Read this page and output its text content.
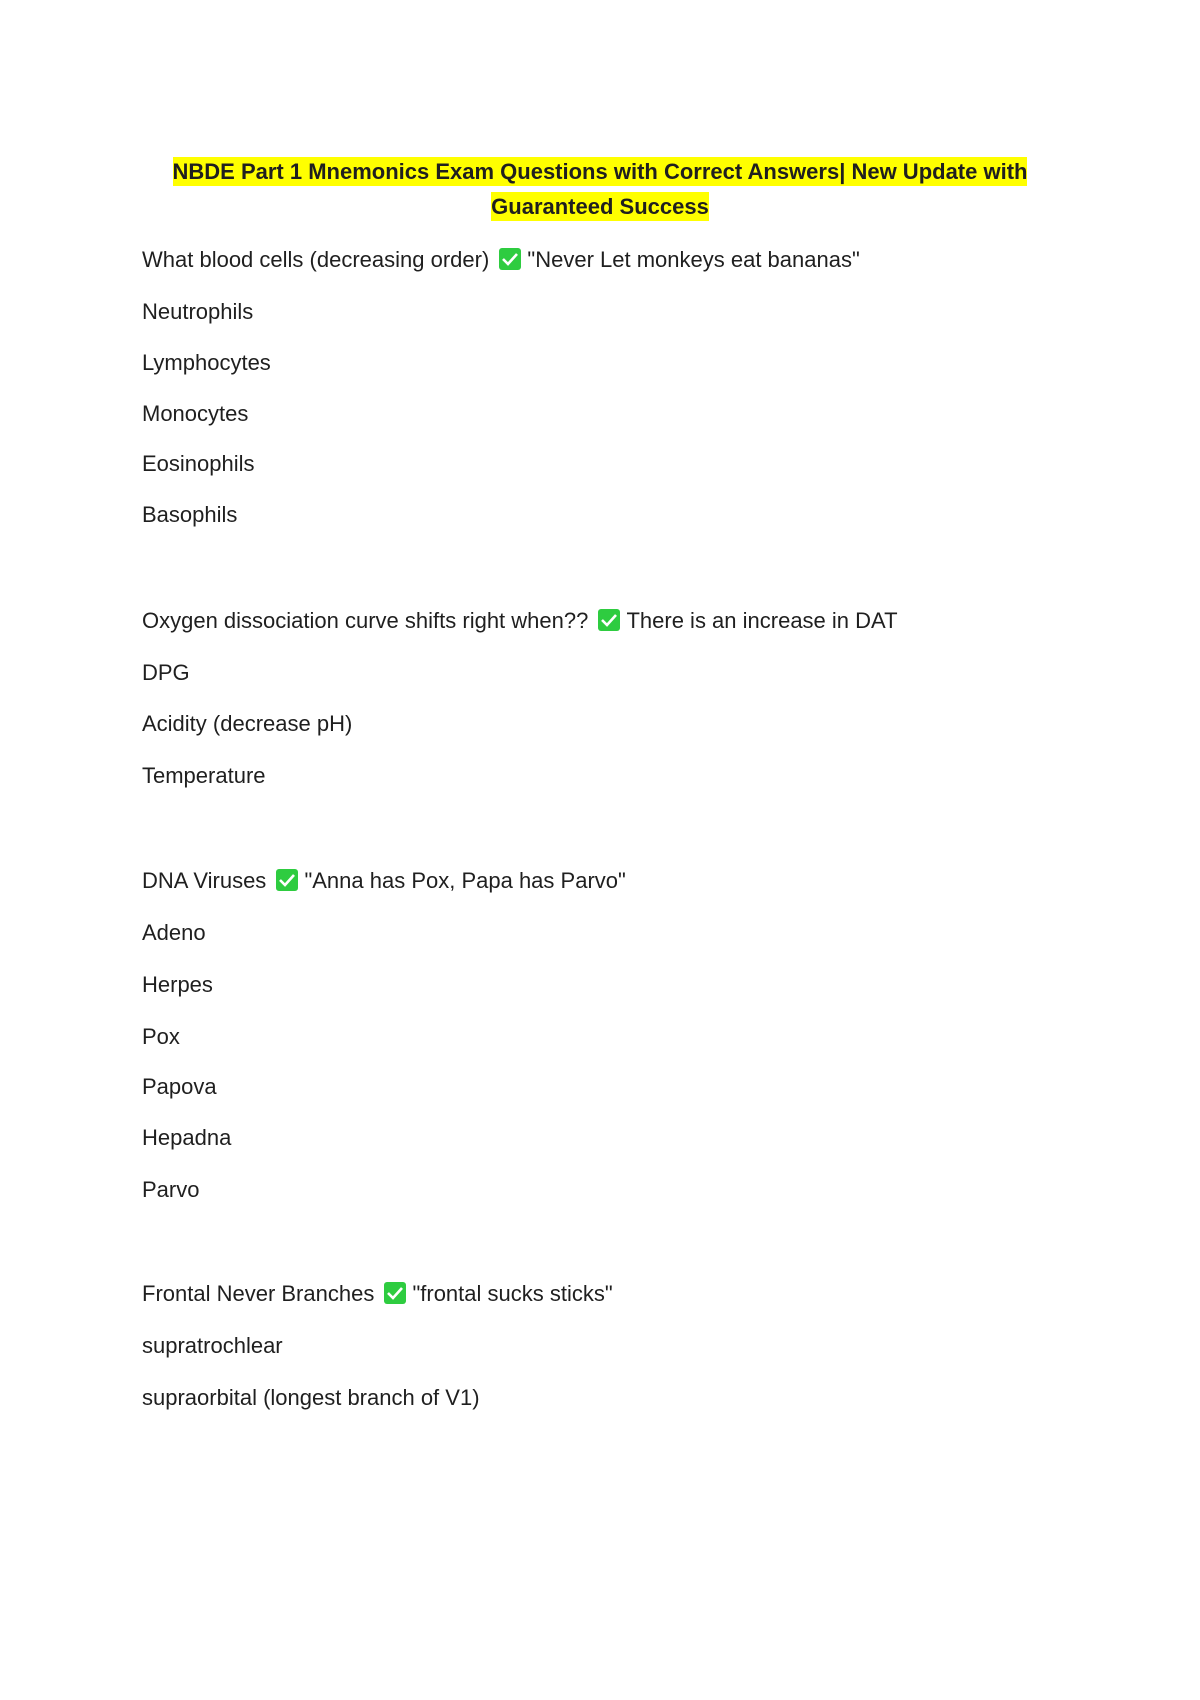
NBDE Part 1 Mnemonics Exam Questions with Correct Answers| New Update with
Guaranteed Success
What blood cells (decreasing order) "Never Let monkeys eat bananas"
Neutrophils
Lymphocytes
Monocytes
Eosinophils
Basophils
Oxygen dissociation curve shifts right when?? There is an increase in DAT
DPG
Acidity (decrease pH)
Temperature
DNA Viruses "Anna has Pox, Papa has Parvo"
Adeno
Herpes
Pox
Papova
Hepadna
Parvo
Frontal Never Branches "frontal sucks sticks"
supratrochlear
supraorbital (longest branch of V1)
